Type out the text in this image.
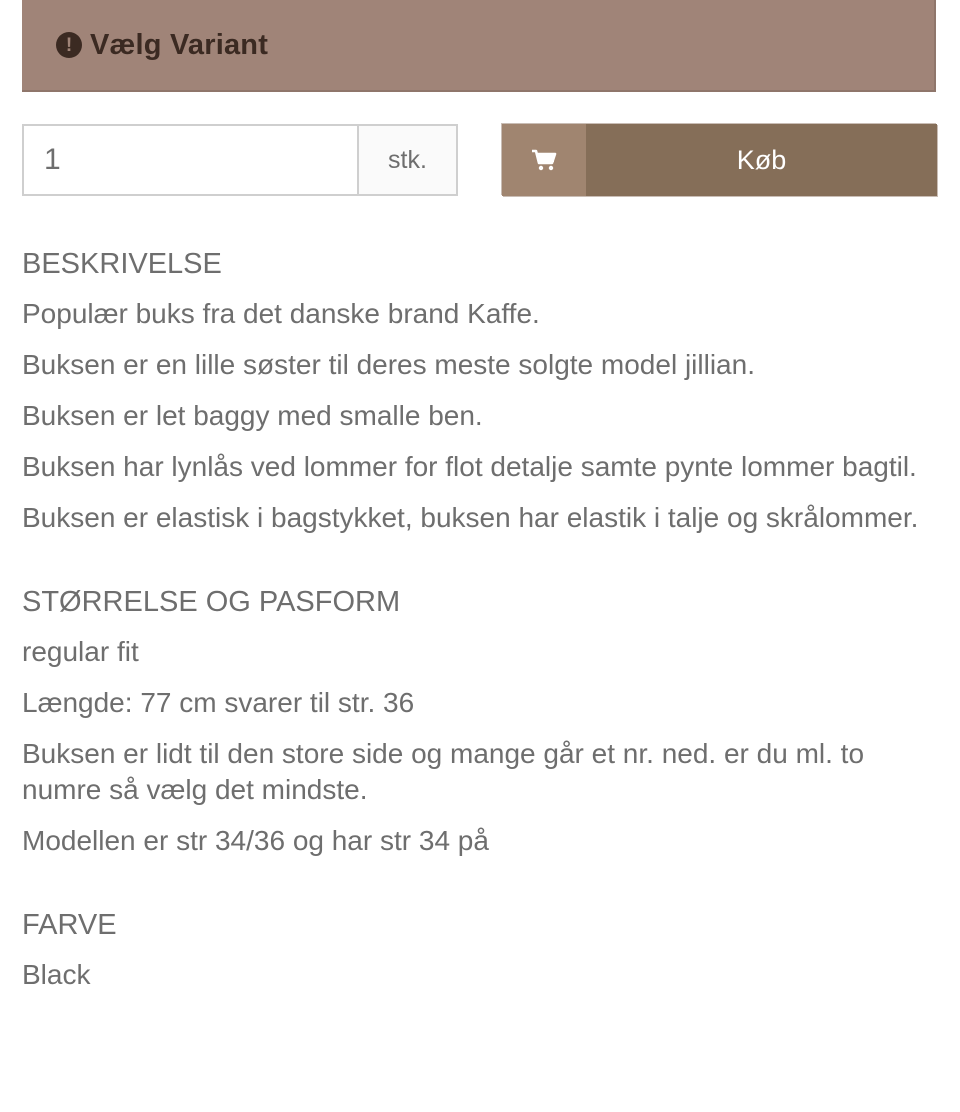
! Vælg Variant
1
stk.	Køb
BESKRIVELSE

Populær buks fra det danske brand Kaffe.

Buksen er en lille søster til deres meste solgte model jillian.

Buksen er let baggy med smalle ben.

Buksen har lynlås ved lommer for flot detalje samte pynte lommer bagtil.

Buksen er elastisk i bagstykket, buksen har elastik i talje og skrålommer.

STØRRELSE OG PASFORM

regular fit

Længde: 77 cm svarer til str. 36

Buksen er lidt til den store side og mange går et nr. ned. er du ml. to numre så vælg det mindste.

Modellen er str 34/36 og har str 34 på

FARVE

Black
